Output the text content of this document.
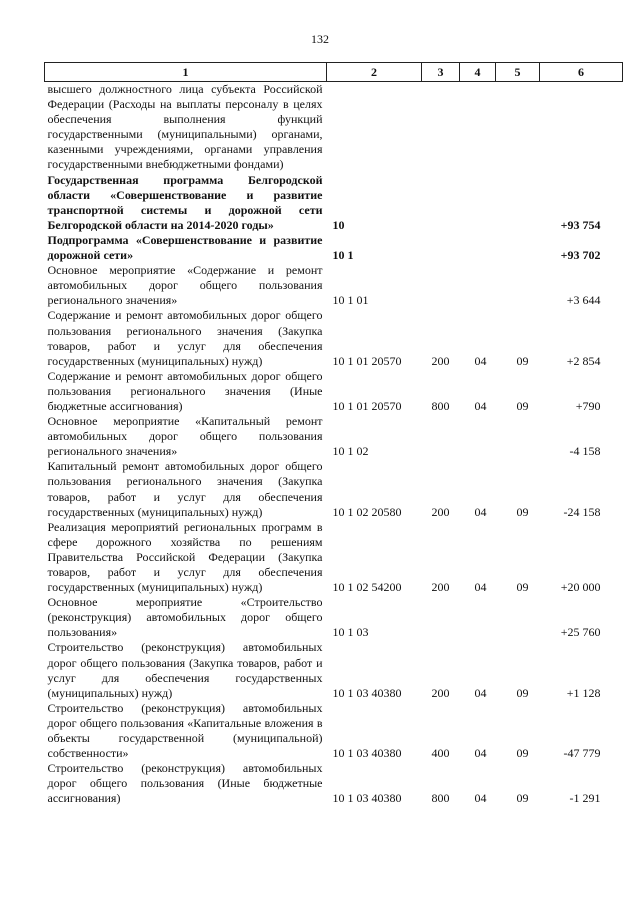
132
1	2	3	4	5	6
высшего должностного лица субъекта Российской Федерации (Расходы на выплаты персоналу в целях обеспечения выполнения функций государственными (муниципальными) органами, казенными учреждениями, органами управления государственными внебюджетными фондами)					
Государственная программа Белгородской области «Совершенствование и развитие транспортной системы и дорожной сети Белгородской области на 2014-2020 годы»	10				+93 754
Подпрограмма «Совершенствование и развитие дорожной сети»	10 1				+93 702
Основное мероприятие «Содержание и ремонт автомобильных дорог общего пользования регионального значения»	10 1 01				+3 644
Содержание и ремонт автомобильных дорог общего пользования регионального значения (Закупка товаров, работ и услуг для обеспечения государственных (муниципальных) нужд)	10 1 01 20570	200	04	09	+2 854
Содержание и ремонт автомобильных дорог общего пользования регионального значения (Иные бюджетные ассигнования)	10 1 01 20570	800	04	09	+790
Основное мероприятие «Капитальный ремонт автомобильных дорог общего пользования регионального значения»	10 1 02				-4 158
Капитальный ремонт автомобильных дорог общего пользования регионального значения (Закупка товаров, работ и услуг для обеспечения государственных (муниципальных) нужд)	10 1 02 20580	200	04	09	-24 158
Реализация мероприятий региональных программ в сфере дорожного хозяйства по решениям Правительства Российской Федерации (Закупка товаров, работ и услуг для обеспечения государственных (муниципальных) нужд)	10 1 02 54200	200	04	09	+20 000
Основное мероприятие «Строительство (реконструкция) автомобильных дорог общего пользования»	10 1 03				+25 760
Строительство (реконструкция) автомобильных дорог общего пользования (Закупка товаров, работ и услуг для обеспечения государственных (муниципальных) нужд)	10 1 03 40380	200	04	09	+1 128
Строительство (реконструкция) автомобильных дорог общего пользования «Капитальные вложения в объекты государственной (муниципальной) собственности»	10 1 03 40380	400	04	09	-47 779
Строительство (реконструкция) автомобильных дорог общего пользования (Иные бюджетные ассигнования)	10 1 03 40380	800	04	09	-1 291
